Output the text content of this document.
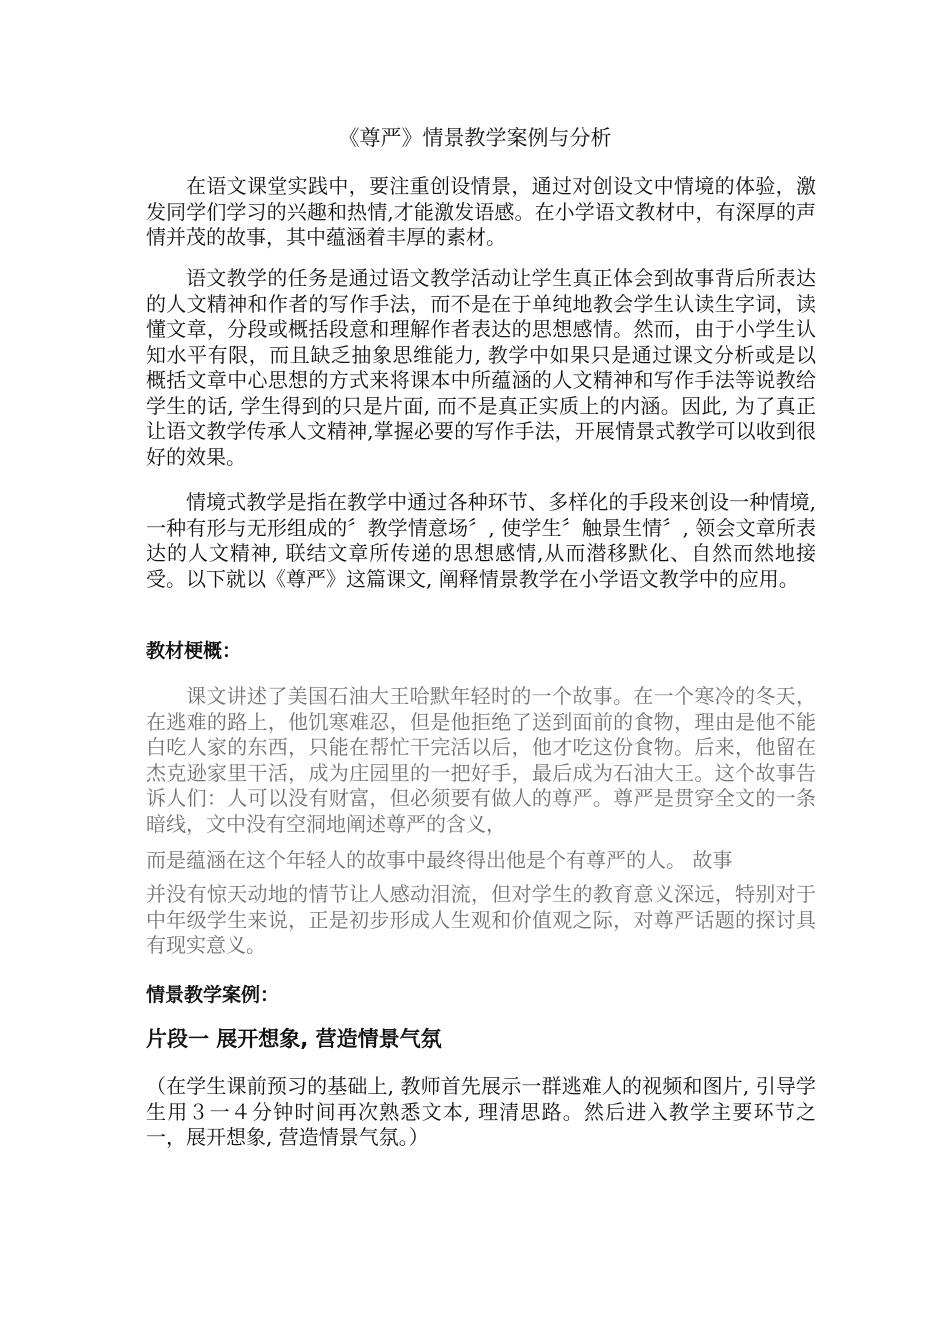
《尊严》情景教学案例与分析

在语文课堂实践中，要注重创设情景，通过对创设文中情境的体验，激发同学们学习的兴趣和热情,才能激发语感。在小学语文教材中，有深厚的声情并茂的故事，其中蕴涵着丰厚的素材。

语文教学的任务是通过语文教学活动让学生真正体会到故事背后所表达的人文精神和作者的写作手法，而不是在于单纯地教会学生认读生字词，读懂文章，分段或概括段意和理解作者表达的思想感情。然而，由于小学生认知水平有限，而且缺乏抽象思维能力, 教学中如果只是通过课文分析或是以概括文章中心思想的方式来将课本中所蕴涵的人文精神和写作手法等说教给学生的话, 学生得到的只是片面, 而不是真正实质上的内涵。因此, 为了真正让语文教学传承人文精神,掌握必要的写作手法，开展情景式教学可以收到很好的效果。

情境式教学是指在教学中通过各种环节、多样化的手段来创设一种情境, 一种有形与无形组成的〞教学情意场〞, 使学生〞触景生情〞, 领会文章所表达的人文精神, 联结文章所传递的思想感情,从而潜移默化、自然而然地接受。以下就以《尊严》这篇课文, 阐释情景教学在小学语文教学中的应用。

教材梗概：

课文讲述了美国石油大王哈默年轻时的一个故事。在一个寒冷的冬天，在逃难的路上，他饥寒难忍，但是他拒绝了送到面前的食物，理由是他不能白吃人家的东西，只能在帮忙干完活以后，他才吃这份食物。后来，他留在杰克逊家里干活，成为庄园里的一把好手，最后成为石油大王。这个故事告诉人们：人可以没有财富，但必须要有做人的尊严。尊严是贯穿全文的一条暗线，文中没有空洞地阐述尊严的含义，

而是蕴涵在这个年轻人的故事中最终得出他是个有尊严的人。 故事

并没有惊天动地的情节让人感动泪流，但对学生的教育意义深远，特别对于中年级学生来说，正是初步形成人生观和价值观之际，对尊严话题的探讨具有现实意义。

情景教学案例：
片段一 展开想象, 营造情景气氛

（在学生课前预习的基础上, 教师首先展示一群逃难人的视频和图片, 引导学生用３一４分钟时间再次熟悉文本, 理清思路。然后进入教学主要环节之一，展开想象, 营造情景气氛。）
